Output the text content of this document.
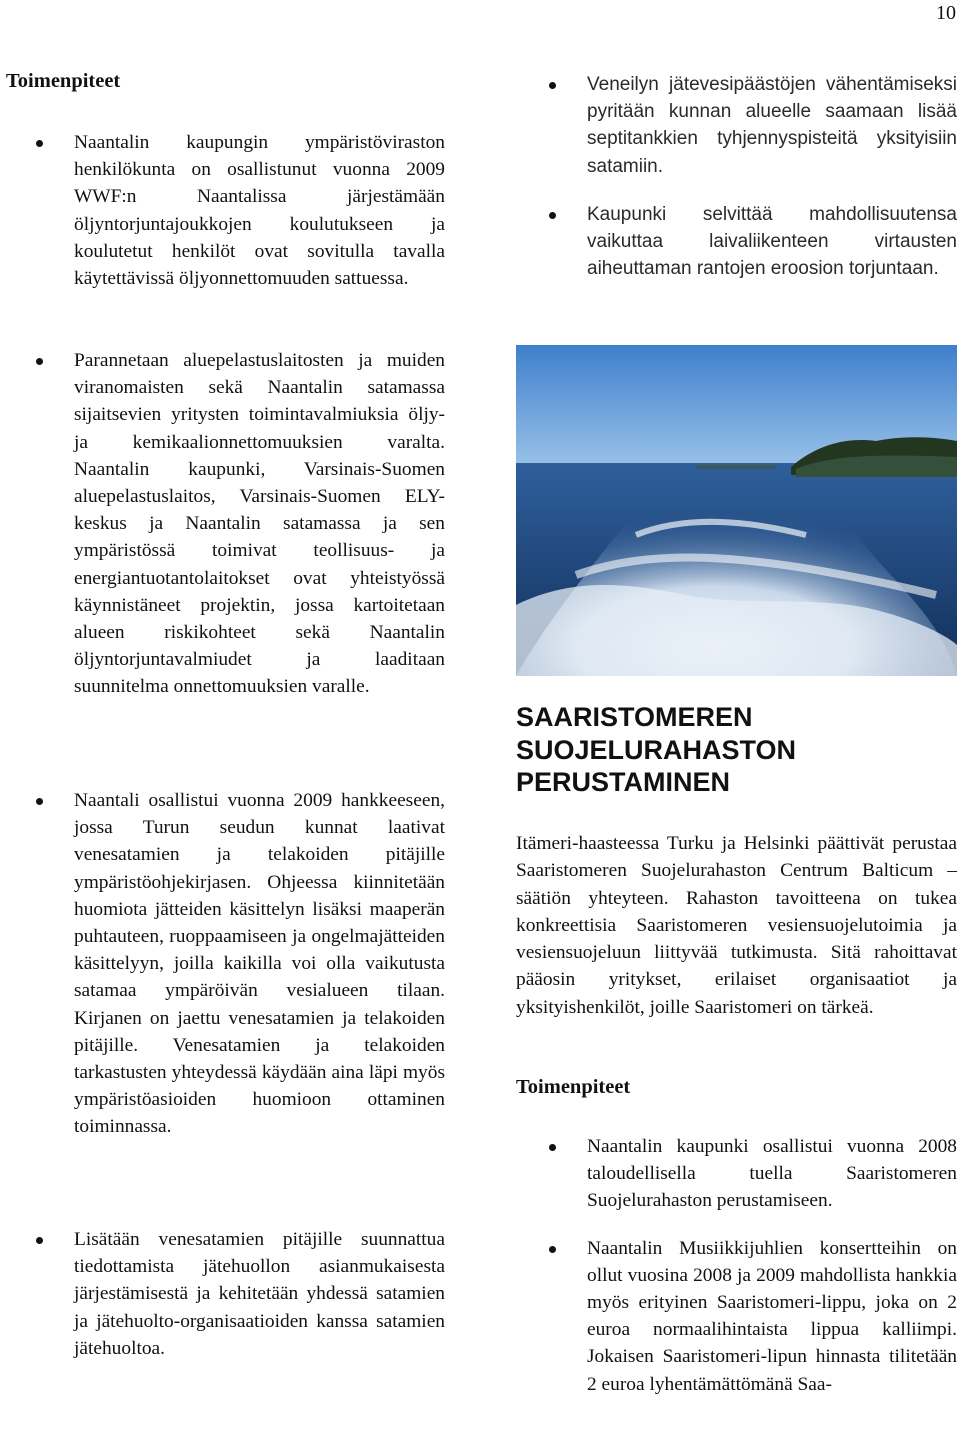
10
Toimenpiteet
Naantalin kaupungin ympäristöviraston henkilökunta on osallistunut vuonna 2009 WWF:n Naantalissa järjestämään öljyntorjuntajoukkojen koulutukseen ja koulutetut henkilöt ovat sovitulla tavalla käytettävissä öljyonnettomuuden sattuessa.
Parannetaan aluepelastuslaitosten ja muiden viranomaisten sekä Naantalin satamassa sijaitsevien yritysten toimintavalmiuksia öljy- ja kemikaalionnettomuuksien varalta. Naantalin kaupunki, Varsinais-Suomen aluepelastuslaitos, Varsinais-Suomen ELY-keskus ja Naantalin satamassa ja sen ympäristössä toimivat teollisuus- ja energiantuotantolaitokset ovat yhteistyössä käynnistäneet projektin, jossa kartoitetaan alueen riskikohteet sekä Naantalin öljyntorjuntavalmiudet ja laaditaan suunnitelma onnettomuuksien varalle.
Naantali osallistui vuonna 2009 hankkeeseen, jossa Turun seudun kunnat laativat venesatamien ja telakoiden pitäjille ympäristöohjekirjasen. Ohjeessa kiinnitetään huomiota jätteiden käsittelyn lisäksi maaperän puhtauteen, ruoppaamiseen ja ongelmajätteiden käsittelyyn, joilla kaikilla voi olla vaikutusta satamaa ympäröivän vesialueen tilaan. Kirjanen on jaettu venesatamien ja telakoiden pitäjille. Venesatamien ja telakoiden tarkastusten yhteydessä käydään aina läpi myös ympäristöasioiden huomioon ottaminen toiminnassa.
Lisätään venesatamien pitäjille suunnattua tiedottamista jätehuollon asianmukaisesta järjestämisestä ja kehitetään yhdessä satamien ja jätehuolto-organisaatioiden kanssa satamien jätehuoltoa.
Veneilyn jätevesipäästöjen vähentämiseksi pyritään kunnan alueelle saamaan lisää septitankkien tyhjennyspisteitä yksityisiin satamiin.
Kaupunki selvittää mahdollisuutensa vaikuttaa laivaliikenteen virtausten aiheuttaman rantojen eroosion torjuntaan.
SAARISTOMEREN
SUOJELURAHASTON
PERUSTAMINEN
Itämeri-haasteessa Turku ja Helsinki päättivät perustaa Saaristomeren Suojelurahaston Centrum Balticum –säätiön yhteyteen. Rahaston tavoitteena on tukea konkreettisia Saaristomeren vesiensuojelutoimia ja vesiensuojeluun liittyvää tutkimusta. Sitä rahoittavat pääosin yritykset, erilaiset organisaatiot ja yksityishenkilöt, joille Saaristomeri on tärkeä.
Toimenpiteet
Naantalin kaupunki osallistui vuonna 2008 taloudellisella tuella Saaristomeren Suojelurahaston perustamiseen.
Naantalin Musiikkijuhlien konsertteihin on ollut vuosina 2008 ja 2009 mahdollista hankkia myös erityinen Saaristomeri-lippu, joka on 2 euroa normaalihintaista lippua kalliimpi. Jokaisen Saaristomeri-lipun hinnasta tilitetään 2 euroa lyhentämättömänä Saa-
